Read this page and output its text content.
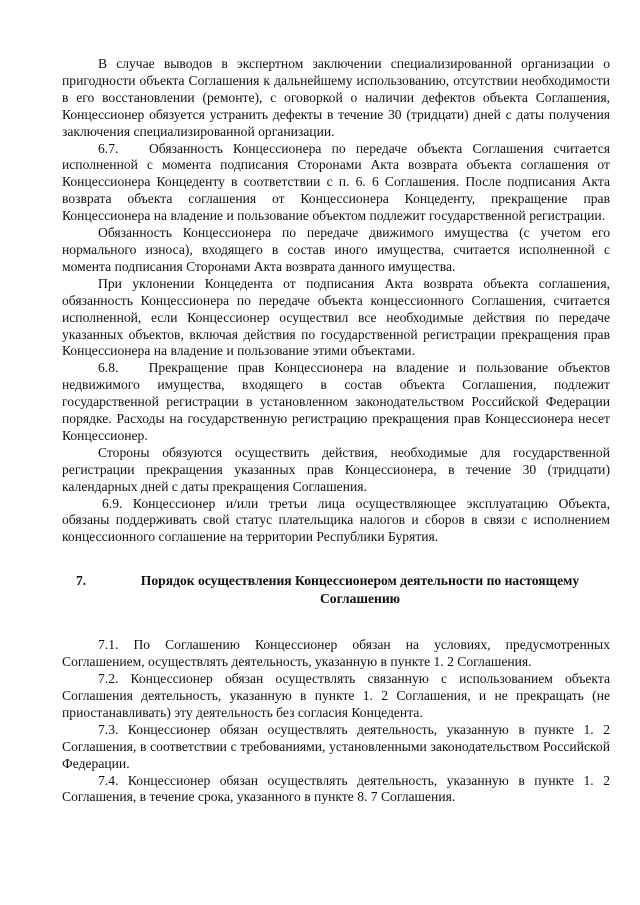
В случае выводов в экспертном заключении специализированной организации о пригодности объекта Соглашения к дальнейшему использованию, отсутствии необходимости в его восстановлении (ремонте), с оговоркой о наличии дефектов объекта Соглашения, Концессионер обязуется устранить дефекты в течение 30 (тридцати) дней с даты получения заключения специализированной организации.

6.7.   Обязанность Концессионера по передаче объекта Соглашения считается исполненной с момента подписания Сторонами Акта возврата объекта соглашения от Концессионера Концеденту в соответствии с п. 6. 6 Соглашения. После подписания Акта возврата объекта соглашения от Концессионера Концеденту, прекращение прав Концессионера на владение и пользование объектом подлежит государственной регистрации.

Обязанность Концессионера по передаче движимого имущества (с учетом его нормального износа), входящего в состав иного имущества, считается исполненной с момента подписания Сторонами Акта возврата данного имущества.

При уклонении Концедента от подписания Акта возврата объекта соглашения, обязанность Концессионера по передаче объекта концессионного Соглашения, считается исполненной, если Концессионер осуществил все необходимые действия по передаче указанных объектов, включая действия по государственной регистрации прекращения прав Концессионера на владение и пользование этими объектами.

6.8.   Прекращение прав Концессионера на владение и пользование объектов недвижимого имущества, входящего в состав объекта Соглашения, подлежит государственной регистрации в установленном законодательством Российской Федерации порядке. Расходы на государственную регистрацию прекращения прав Концессионера несет Концессионер.

Стороны обязуются осуществить действия, необходимые для государственной регистрации прекращения указанных прав Концессионера, в течение 30 (тридцати) календарных дней с даты прекращения Соглашения.

6.9. Концессионер и/или третьи лица осуществляющее эксплуатацию Объекта, обязаны поддерживать свой статус плательщика налогов и сборов в связи с исполнением концессионного соглашение на территории Республики Бурятия.

7.	Порядок осуществления Концессионером деятельности по настоящему Соглашению

7.1. По Соглашению Концессионер обязан на условиях, предусмотренных Соглашением, осуществлять деятельность, указанную в пункте 1. 2 Соглашения.

7.2. Концессионер обязан осуществлять связанную с использованием объекта Соглашения деятельность, указанную в пункте 1. 2 Соглашения, и не прекращать (не приостанавливать) эту деятельность без согласия Концедента.

7.3. Концессионер обязан осуществлять деятельность, указанную в пункте 1. 2 Соглашения, в соответствии с требованиями, установленными законодательством Российской Федерации.

7.4. Концессионер обязан осуществлять деятельность, указанную в пункте 1. 2 Соглашения, в течение срока, указанного в пункте 8. 7 Соглашения.
